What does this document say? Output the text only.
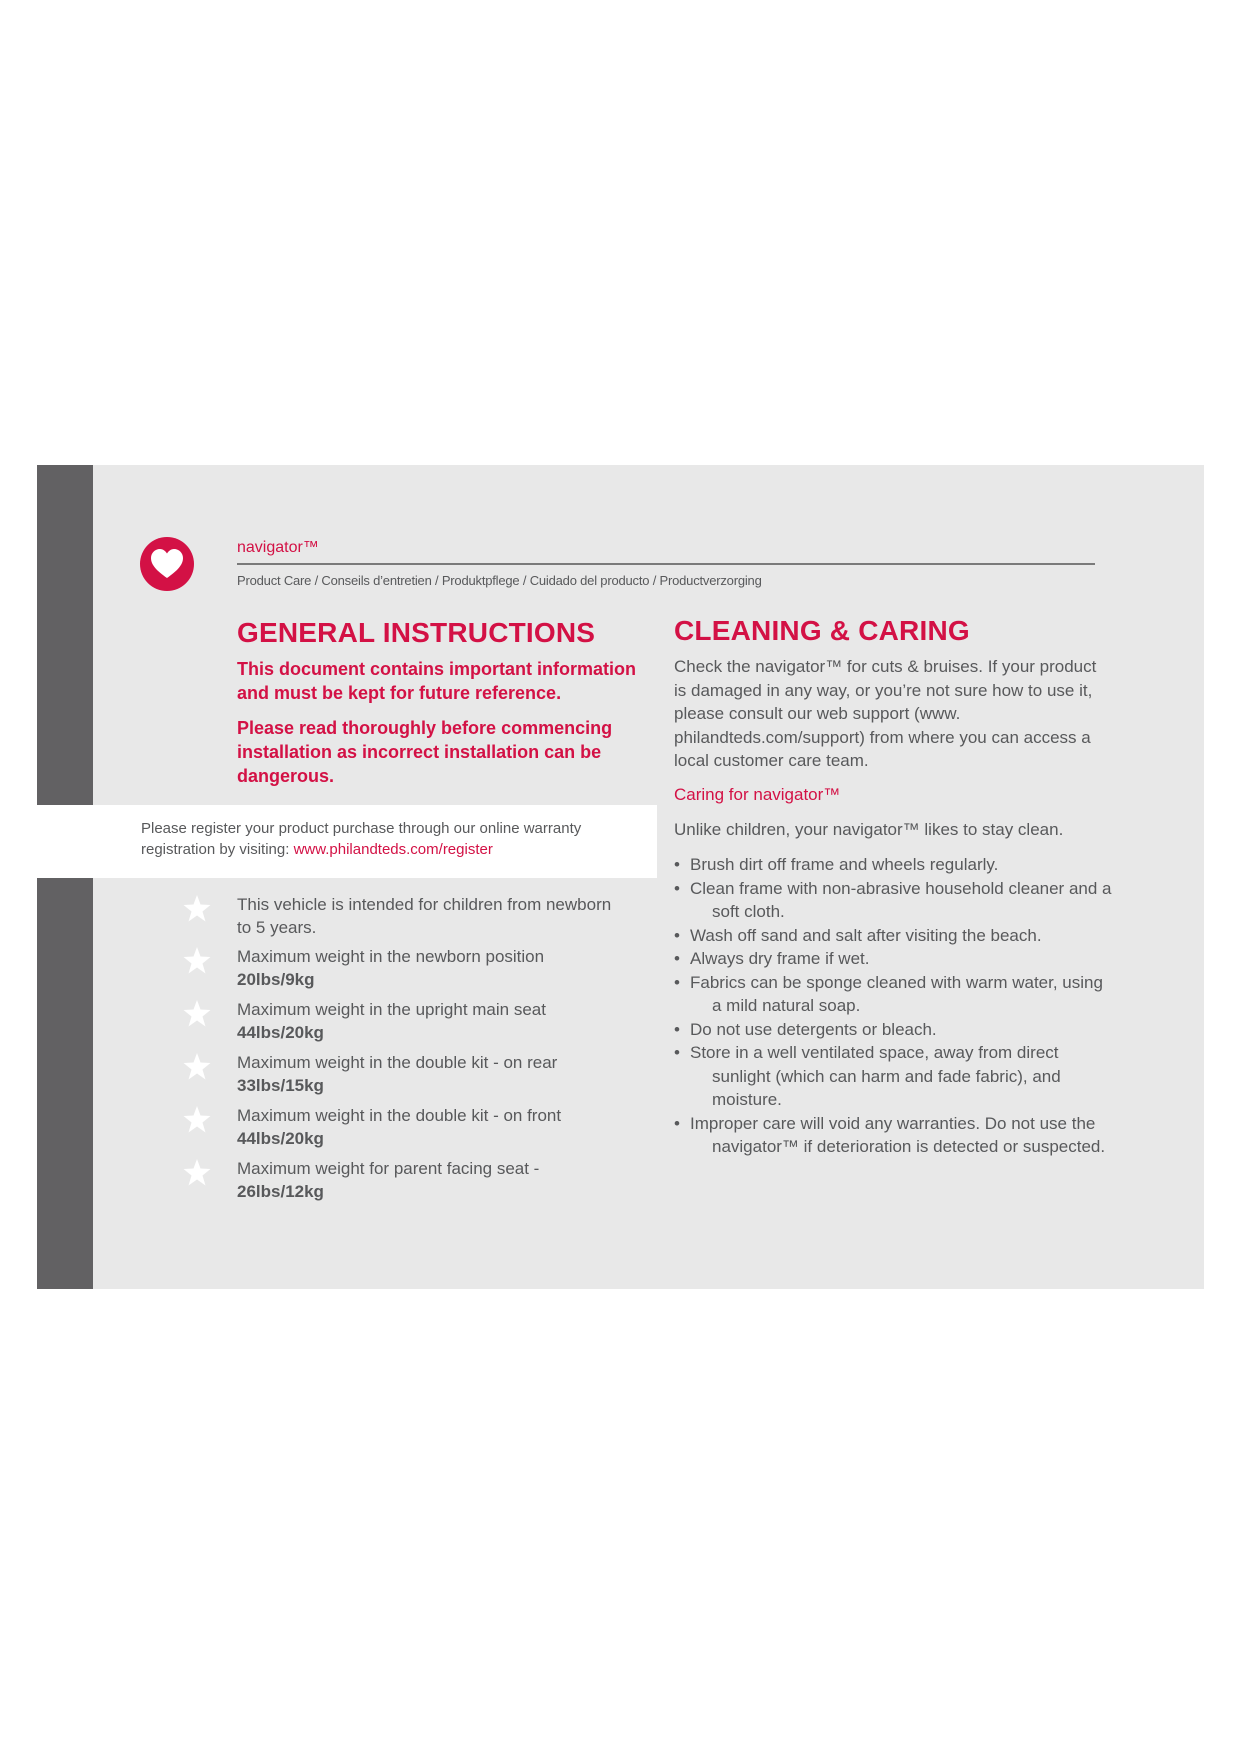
navigator™
Product Care / Conseils d’entretien / Produktpflege / Cuidado del producto / Productverzorging
GENERAL INSTRUCTIONS

This document contains important information and must be kept for future reference.

Please read thoroughly before commencing installation as incorrect installation can be dangerous.

Please register your product purchase through our online warranty
registration by visiting: www.philandteds.com/register
This vehicle is intended for children from newborn to 5 years.
Maximum weight in the newborn position
20lbs/9kg
Maximum weight in the upright main seat
44lbs/20kg
Maximum weight in the double kit - on rear
33lbs/15kg
Maximum weight in the double kit - on front
44lbs/20kg
Maximum weight for parent facing seat -
26lbs/12kg
CLEANING & CARING

Check the navigator™ for cuts & bruises. If your product is damaged in any way, or you’re not sure how to use it, please consult our web support (www. philandteds.com/support) from where you can access a local customer care team.

Caring for navigator™

Unlike children, your navigator™ likes to stay clean.

• Brush dirt off frame and wheels regularly.
• Clean frame with non-abrasive household cleaner and a soft cloth.
• Wash off sand and salt after visiting the beach.
• Always dry frame if wet.
• Fabrics can be sponge cleaned with warm water, using a mild natural soap.
• Do not use detergents or bleach.
• Store in a well ventilated space, away from direct sunlight (which can harm and fade fabric), and moisture.
• Improper care will void any warranties. Do not use the navigator™ if deterioration is detected or suspected.
